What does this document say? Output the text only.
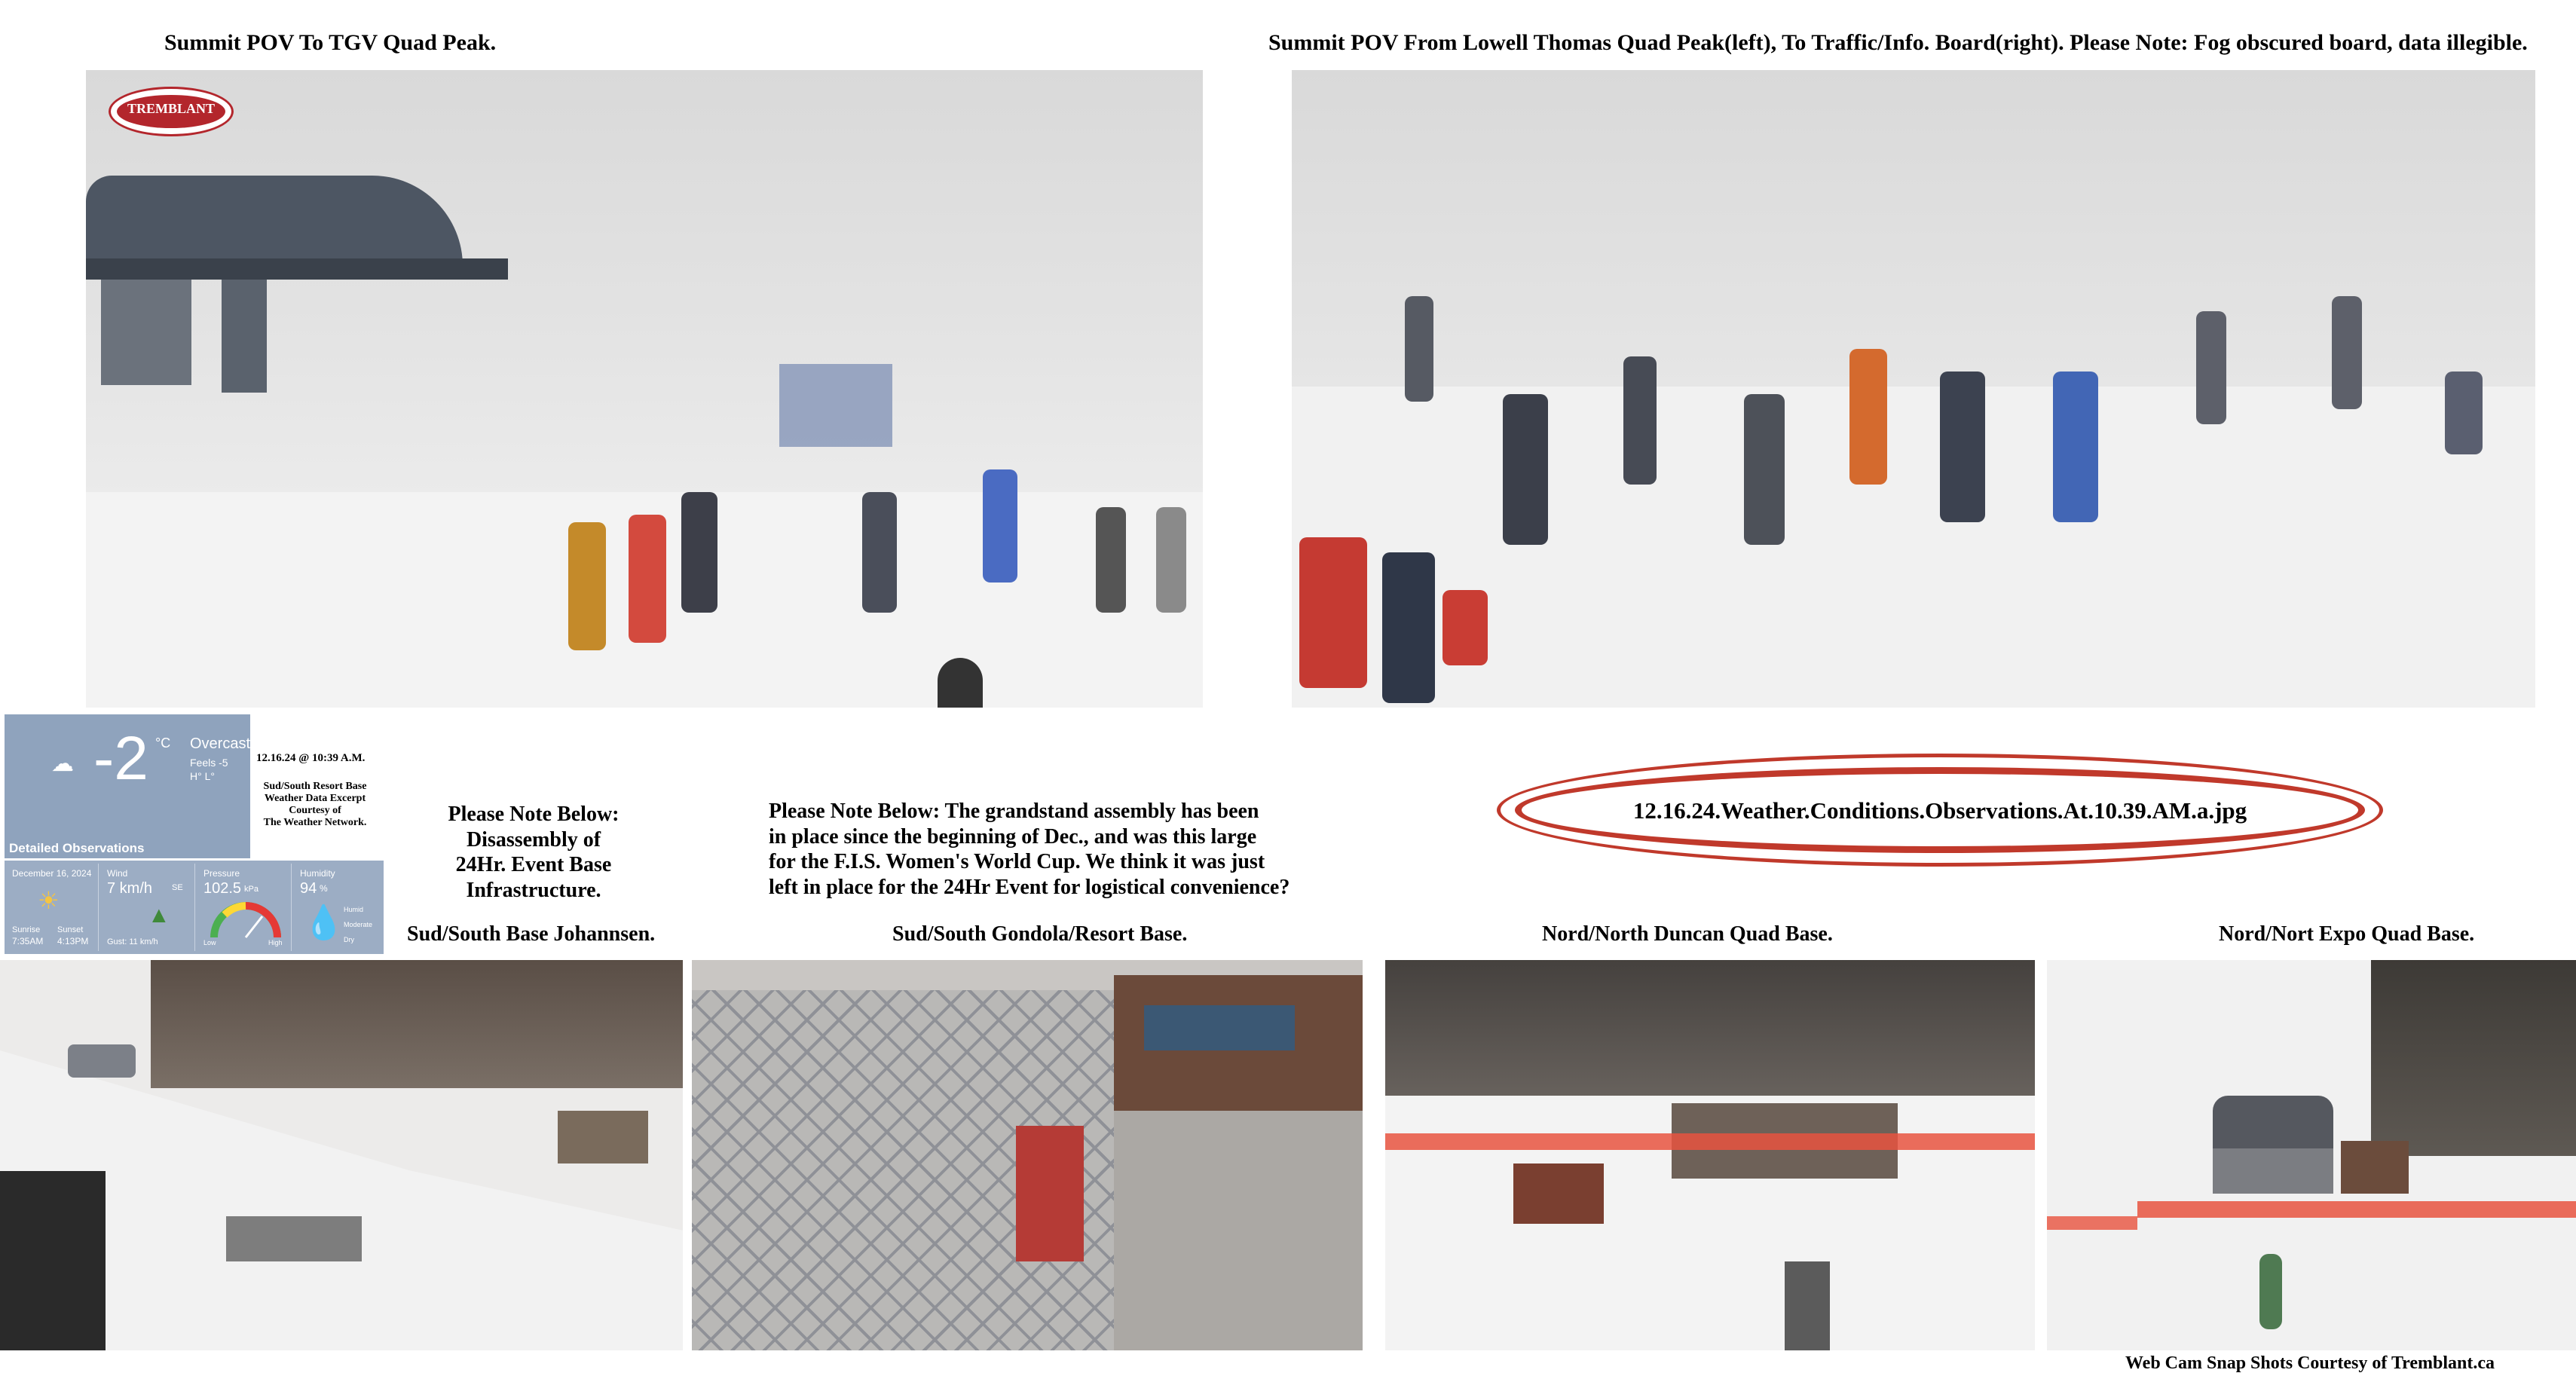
Summit POV To TGV Quad Peak.	Summit POV From Lowell Thomas Quad Peak(left), To Traffic/Info. Board(right). Please Note: Fog obscured board, data illegible.
TREMBLANT
☁ -2 °C Overcast
Feels -5
H° L°
Detailed Observations
December 16, 2024
☀
Sunrise
7:35AM
Sunset
4:13PM
Wind
7 km/h SE
▲
Gust: 11 km/h
Pressure
102.5 kPa
Low	High
Humidity
94 %
💧 Humid
Moderate
Dry
12.16.24 @ 10:39 A.M.
Sud/South Resort Base
Weather Data Excerpt
Courtesy of
The Weather Network.	Please Note Below:
Disassembly of
24Hr. Event Base
Infrastructure.
Please Note Below: The grandstand assembly has been
in place since the beginning of Dec., and was this large
for the F.I.S. Women's World Cup. We think it was just
left in place for the 24Hr Event for logistical convenience?
12.16.24.Weather.Conditions.Observations.At.10.39.AM.a.jpg
Sud/South Base Johannsen.	Sud/South Gondola/Resort Base.	Nord/North Duncan Quad Base.	Nord/Nort Expo Quad Base.
Web Cam Snap Shots Courtesy of Tremblant.ca
